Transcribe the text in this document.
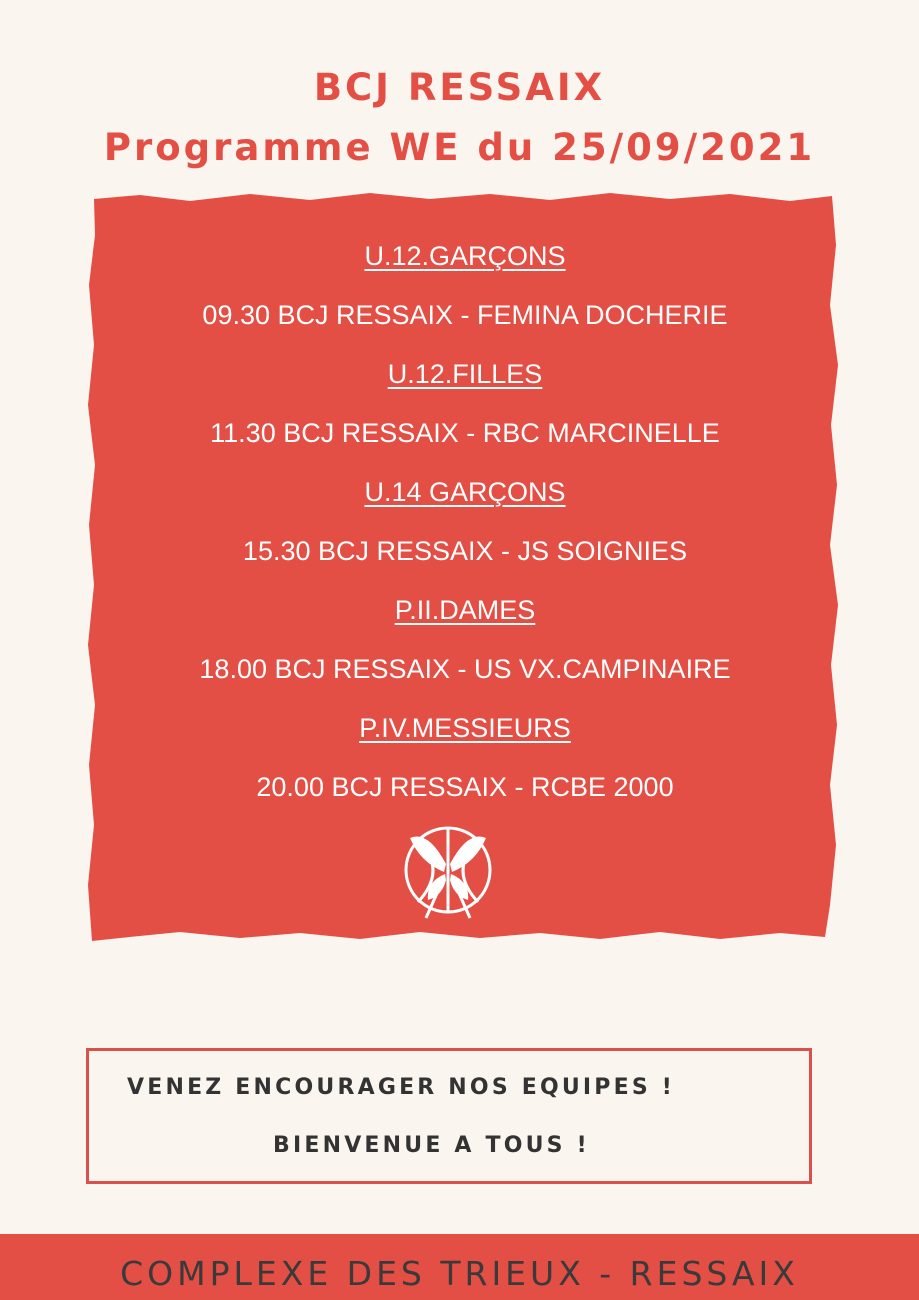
BCJ RESSAIX
Programme WE du 25/09/2021
U.12.GARÇONS
09.30 BCJ RESSAIX - FEMINA DOCHERIE
U.12.FILLES
11.30 BCJ RESSAIX - RBC MARCINELLE
U.14 GARÇONS
15.30 BCJ RESSAIX - JS SOIGNIES
P.II.DAMES
18.00 BCJ RESSAIX - US VX.CAMPINAIRE
P.IV.MESSIEURS
20.00 BCJ RESSAIX - RCBE 2000
VENEZ ENCOURAGER NOS EQUIPES !
BIENVENUE A TOUS !
COMPLEXE DES TRIEUX - RESSAIX
